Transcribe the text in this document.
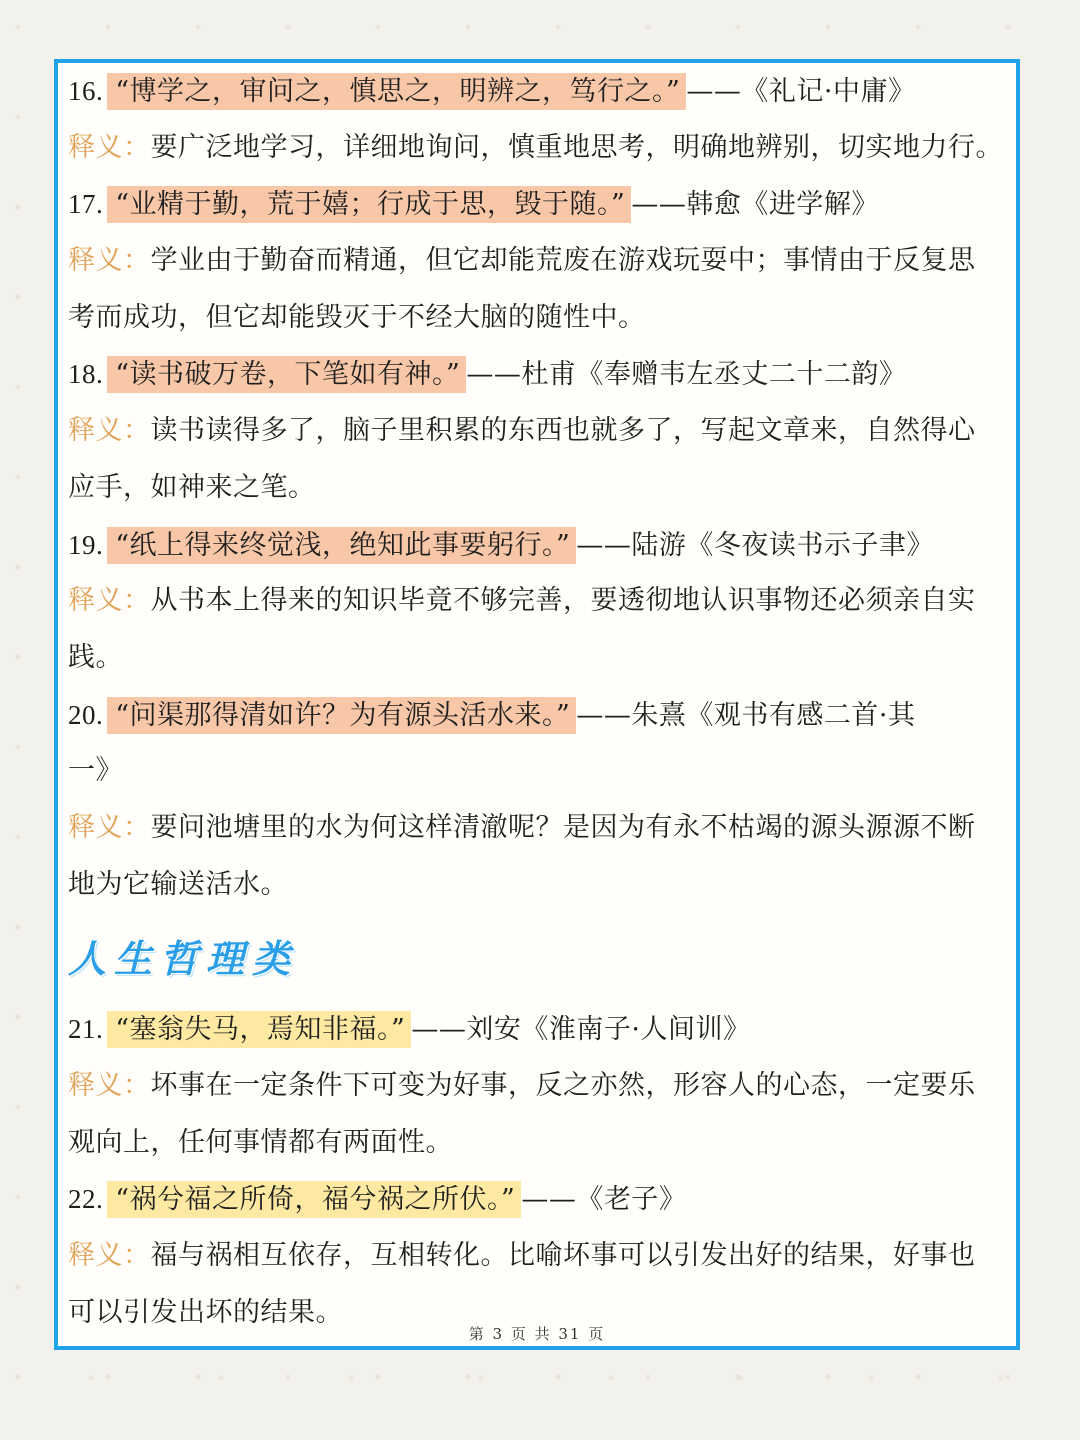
16. “博学之，审问之，慎思之，明辨之，笃行之。” ——《礼记·中庸》
释义：要广泛地学习，详细地询问，慎重地思考，明确地辨别，切实地力行。
17. “业精于勤，荒于嬉；行成于思，毁于随。” ——韩愈《进学解》
释义：学业由于勤奋而精通，但它却能荒废在游戏玩耍中；事情由于反复思
考而成功，但它却能毁灭于不经大脑的随性中。
18. “读书破万卷，下笔如有神。” ——杜甫《奉赠韦左丞丈二十二韵》
释义：读书读得多了，脑子里积累的东西也就多了，写起文章来，自然得心
应手，如神来之笔。
19. “纸上得来终觉浅，绝知此事要躬行。” ——陆游《冬夜读书示子聿》
释义：从书本上得来的知识毕竟不够完善，要透彻地认识事物还必须亲自实
践。
20. “问渠那得清如许？为有源头活水来。” ——朱熹《观书有感二首·其
一》
释义：要问池塘里的水为何这样清澈呢？是因为有永不枯竭的源头源源不断
地为它输送活水。
人生哲理类
21. “塞翁失马，焉知非福。” ——刘安《淮南子·人间训》
释义：坏事在一定条件下可变为好事，反之亦然，形容人的心态，一定要乐
观向上，任何事情都有两面性。
22. “祸兮福之所倚，福兮祸之所伏。” ——《老子》
释义：福与祸相互依存，互相转化。比喻坏事可以引发出好的结果，好事也
可以引发出坏的结果。
第 3 页 共 31 页
